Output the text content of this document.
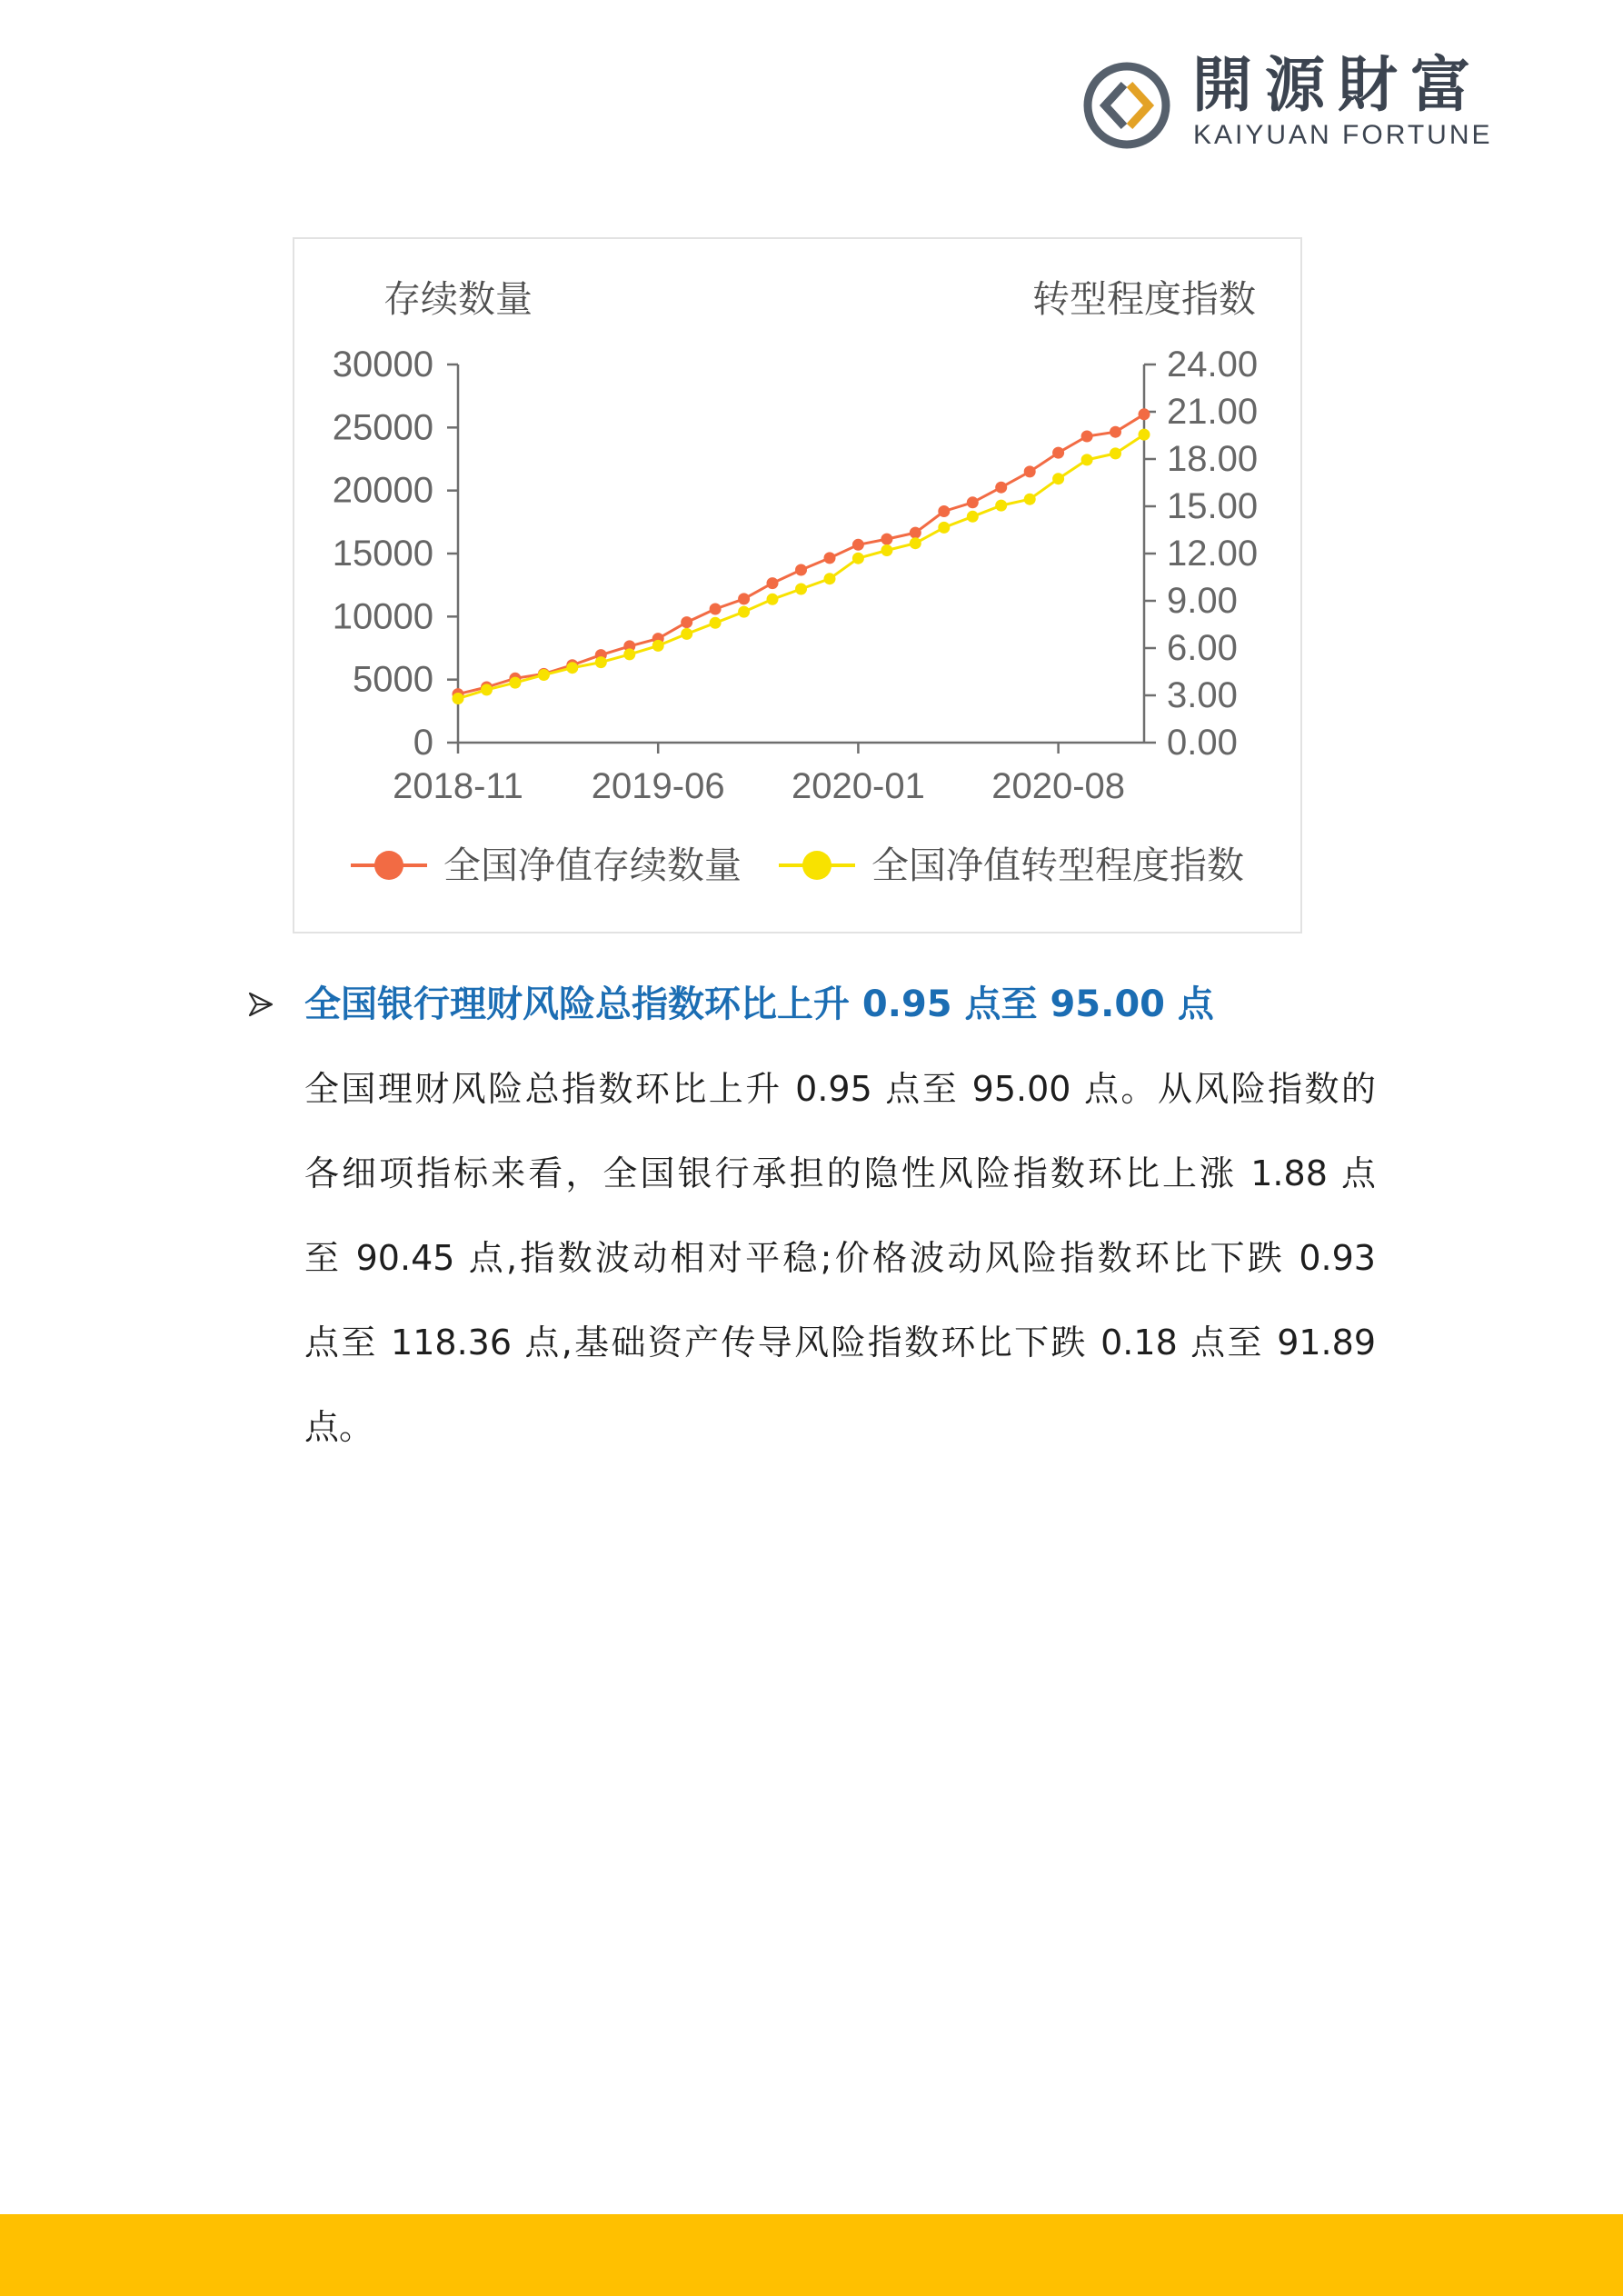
開源財富
KAIYUAN FORTUNE
存续数量	转型程度指数
0
5000
10000
15000
20000
25000
30000
0.00
3.00
6.00
9.00
12.00
15.00
18.00
21.00
24.00
2018-11 2019-06 2020-01 2020-08
全国净值存续数量	全国净值转型程度指数
全国银行理财风险总指数环比上升 0.95 点至 95.00 点
全国理财风险总指数环比上升 0.95 点至 95.00 点。从风险指数的
各细项指标来看，全国银行承担的隐性风险指数环比上涨 1.88 点
至 90.45 点,指数波动相对平稳;价格波动风险指数环比下跌 0.93
点至 118.36 点,基础资产传导风险指数环比下跌 0.18 点至 91.89
点。
